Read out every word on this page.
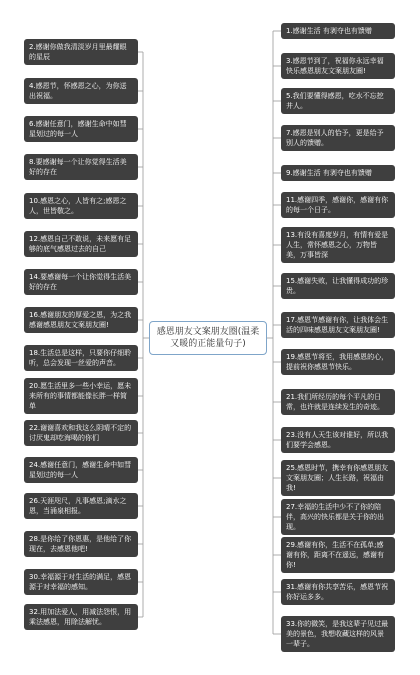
感恩朋友文案朋友圈(温柔又暖的正能量句子)
2.感谢你做我清淡岁月里最耀眼的星辰
4.感恩节，怀感恩之心，为你送出祝福。
6.感谢任意门，感谢生命中如彗星划过的每一人
8.要感谢每一个让你觉得生活美好的存在
10.感恩之心，人皆有之;感恩之人，世皆敬之。
12.感恩自己不敢说，未来愿有足够的底气感恩过去的自己
14.要感谢每一个让你觉得生活美好的存在
16.感谢朋友的厚爱之恩，为之我感谢感恩朋友文案朋友圈!
18.生活总是这样，只要你仔细聆听，总会发现一丝爱的声音。
20.愿生活里多一些小幸运，愿未来所有的事情都能像长胖一样简单
22.谢谢喜欢和我这么阴晴不定的讨厌鬼却吃海喝的你们
24.感谢任意门，感谢生命中如彗星划过的每一人
26.天涯咫尺，凡事感恩;滴水之恩，当涌泉相报。
28.是你给了你恩惠，是他给了你现在，去感恩他吧!
30.幸福源于对生活的满足，感恩源于对幸福的感知。
32.用加法爱人，用减法怨恨，用乘法感恩，用除法解忧。
1.感谢生活 有剥夺也有馈赠
3.感恩节到了，祝福你永远幸福快乐感恩朋友文案朋友圈!
5.我们要懂得感恩，吃水不忘挖井人。
7.感恩是别人的恰予，更是给予别人的馈赠。
9.感谢生活 有剥夺也有馈赠
11.感谢四季，感谢你，感谢有你的每一个日子。
13.有没有喜度岁月，有情有爱是人生，常怀感恩之心，万物皆美，万事皆深
15.感谢失败，让我懂得成功的珍贵。
17.感恩节感谢有你，让我体会生活的四味感恩朋友文案朋友圈!
19.感恩节将至，我用感恩的心，提前祝你感恩节快乐。
21.我们所经历的每个平凡的日常，也许就是连续发生的奇迹。
23.没有人天生该对谁好，所以我们要学会感恩。
25.感恩时节，携幸有你感恩朋友文案朋友圈；人生长路，祝福由我!
27.幸福的生活中少不了你的陪伴，高兴的快乐都是关于你的出现。
29.感谢有你，生活不在孤单;感谢有你，距离不在遥远，感谢有你!
31.感谢有你共享苦乐，感恩节祝你好运多多。
33.你的微笑，是我这辈子见过最美的景色，我想收藏这样的风景一辈子。
